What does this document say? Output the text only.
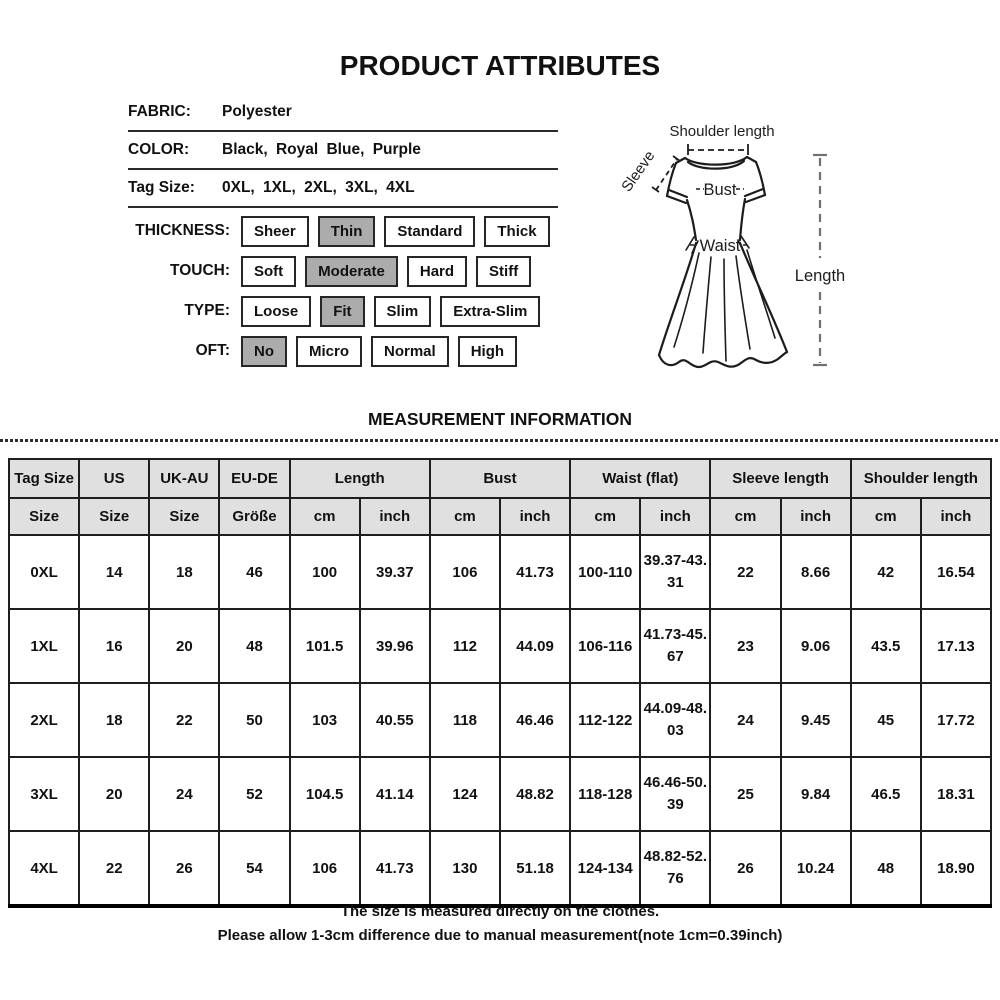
PRODUCT ATTRIBUTES
FABRIC:	Polyester
COLOR:	Black, Royal Blue, Purple
Tag Size:	0XL, 1XL, 2XL, 3XL, 4XL
THICKNESS:	Sheer	Thin	Standard	Thick
TOUCH:	Soft	Moderate	Hard	Stiff
TYPE:	Loose	Fit	Slim	Extra-Slim
OFT:	No	Micro	Normal	High
Shoulder length
Sleeve	Bust
Waist
Length
MEASUREMENT INFORMATION
Tag Size	US	UK-AU	EU-DE	Length		Bust		Waist (flat)		Sleeve length		Shoulder length	
Size	Size	Size	Größe	cm	inch	cm	inch	cm	inch	cm	inch	cm	inch
0XL	14	18	46	100	39.37	106	41.73	100-110	39.37-43.31	22	8.66	42	16.54
1XL	16	20	48	101.5	39.96	112	44.09	106-116	41.73-45.67	23	9.06	43.5	17.13
2XL	18	22	50	103	40.55	118	46.46	112-122	44.09-48.03	24	9.45	45	17.72
3XL	20	24	52	104.5	41.14	124	48.82	118-128	46.46-50.39	25	9.84	46.5	18.31
4XL	22	26	54	106	41.73	130	51.18	124-134	48.82-52.76	26	10.24	48	18.90
The size is measured directly on the clothes.
Please allow 1-3cm difference due to manual measurement(note 1cm=0.39inch)
